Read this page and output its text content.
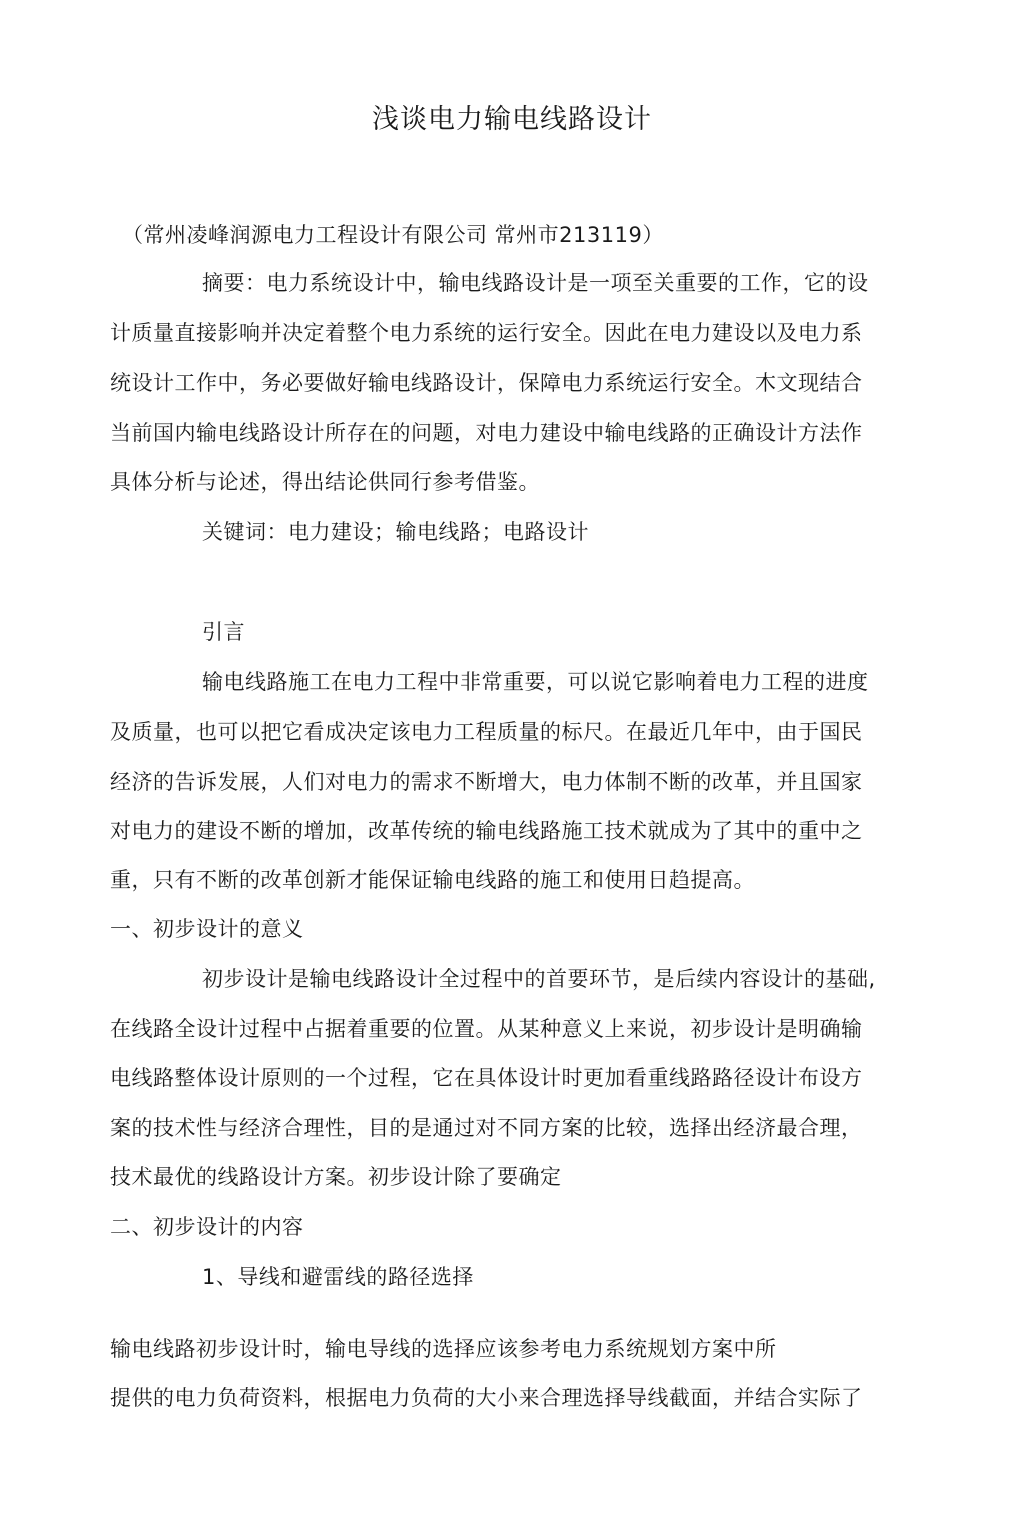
浅谈电力输电线路设计
（常州凌峰润源电力工程设计有限公司 常州市213119）
摘要：电力系统设计中，输电线路设计是一项至关重要的工作，它的设
计质量直接影响并决定着整个电力系统的运行安全。因此在电力建设以及电力系
统设计工作中，务必要做好输电线路设计，保障电力系统运行安全。木文现结合
当前国内输电线路设计所存在的问题，对电力建设中输电线路的正确设计方法作
具体分析与论述，得出结论供同行参考借鉴。
关键词：电力建设；输电线路；电路设计
引言
输电线路施工在电力工程中非常重要，可以说它影响着电力工程的进度
及质量，也可以把它看成决定该电力工程质量的标尺。在最近几年中，由于国民
经济的告诉发展，人们对电力的需求不断增大，电力体制不断的改革，并且国家
对电力的建设不断的增加，改革传统的输电线路施工技术就成为了其中的重中之
重，只有不断的改革创新才能保证输电线路的施工和使用日趋提高。
一、初步设计的意义
初步设计是输电线路设计全过程中的首要环节，是后续内容设计的基础,
在线路全设计过程中占据着重要的位置。从某种意义上来说，初步设计是明确输
电线路整体设计原则的一个过程，它在具体设计时更加看重线路路径设计布设方
案的技术性与经济合理性，目的是通过对不同方案的比较，选择出经济最合理，
技术最优的线路设计方案。初步设计除了要确定
二、初步设计的内容
1、导线和避雷线的路径选择
输电线路初步设计时，输电导线的选择应该参考电力系统规划方案中所
提供的电力负荷资料，根据电力负荷的大小来合理选择导线截面，并结合实际了
